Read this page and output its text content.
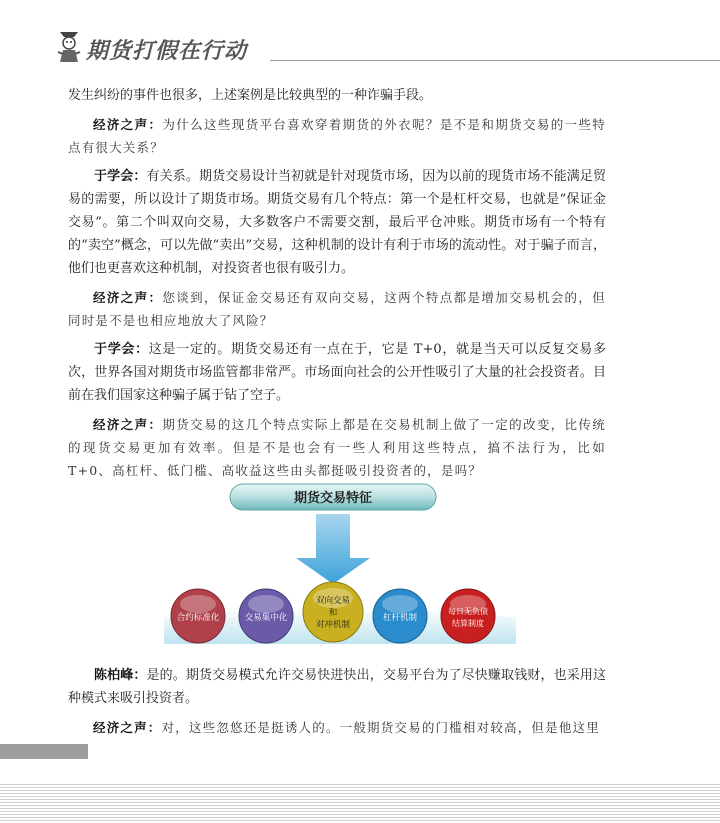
期货打假在行动

发生纠纷的事件也很多，上述案例是比较典型的一种诈骗手段。

经济之声：为什么这些现货平台喜欢穿着期货的外衣呢？是不是和期货交易的一些特点有很大关系？

于学会：有关系。期货交易设计当初就是针对现货市场，因为以前的现货市场不能满足贸易的需要，所以设计了期货市场。期货交易有几个特点：第一个是杠杆交易，也就是“保证金交易”。第二个叫双向交易，大多数客户不需要交割，最后平仓冲账。期货市场有一个特有的“卖空”概念，可以先做“卖出”交易，这种机制的设计有利于市场的流动性。对于骗子而言，他们也更喜欢这种机制，对投资者也很有吸引力。

经济之声：您谈到，保证金交易还有双向交易，这两个特点都是增加交易机会的，但同时是不是也相应地放大了风险？

于学会：这是一定的。期货交易还有一点在于，它是 T+0，就是当天可以反复交易多次，世界各国对期货市场监管都非常严。市场面向社会的公开性吸引了大量的社会投资者。目前在我们国家这种骗子属于钻了空子。

经济之声：期货交易的这几个特点实际上都是在交易机制上做了一定的改变，比传统的现货交易更加有效率。但是不是也会有一些人利用这些特点，搞不法行为，比如 T+0、高杠杆、低门槛、高收益这些由头都挺吸引投资者的，是吗？

期货交易特征
合约标准化	交易集中化
双向交易
和
对冲机制
杠杆机制
每日无负债
结算制度

陈柏峰：是的。期货交易模式允许交易快进快出，交易平台为了尽快赚取钱财，也采用这种模式来吸引投资者。

经济之声：对，这些忽悠还是挺诱人的。一般期货交易的门槛相对较高，但是他这里
